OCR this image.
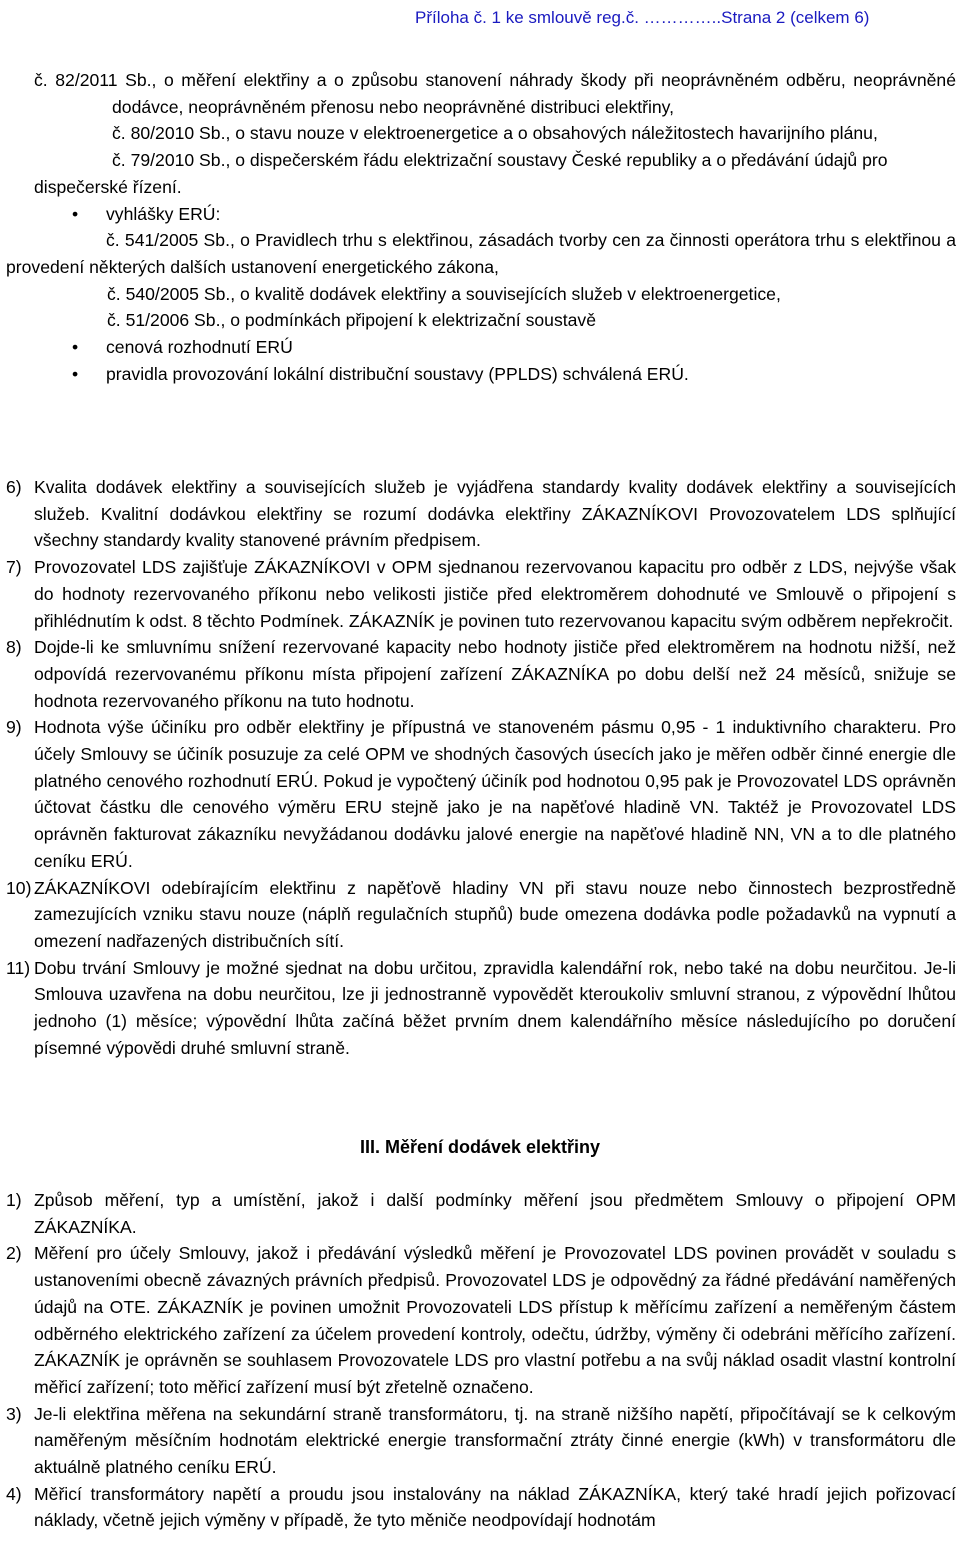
Příloha č. 1 ke smlouvě reg.č. …………..Strana 2 (celkem 6)

č. 82/2011 Sb., o měření elektřiny a o způsobu stanovení náhrady škody při neoprávněném odběru, neoprávněné dodávce, neoprávněném přenosu nebo neoprávněné distribuci elektřiny,

č. 80/2010 Sb., o stavu nouze v elektroenergetice a o obsahových náležitostech havarijního plánu,

č. 79/2010 Sb., o dispečerském řádu elektrizační soustavy České republiky a o předávání údajů pro dispečerské řízení.

• vyhlášky ERÚ:

č. 541/2005 Sb., o Pravidlech trhu s elektřinou, zásadách tvorby cen za činnosti operátora trhu s elektřinou a provedení některých dalších ustanovení energetického zákona,

č. 540/2005 Sb., o kvalitě dodávek elektřiny a souvisejících služeb v elektroenergetice,

č. 51/2006 Sb., o podmínkách připojení k elektrizační soustavě

• cenová rozhodnutí ERÚ
• pravidla provozování lokální distribuční soustavy (PPLDS) schválená ERÚ.
6) Kvalita dodávek elektřiny a souvisejících služeb je vyjádřena standardy kvality dodávek elektřiny a souvisejících služeb. Kvalitní dodávkou elektřiny se rozumí dodávka elektřiny ZÁKAZNÍKOVI Provozovatelem LDS splňující všechny standardy kvality stanovené právním předpisem.
7) Provozovatel LDS zajišťuje ZÁKAZNÍKOVI v OPM sjednanou rezervovanou kapacitu pro odběr z LDS, nejvýše však do hodnoty rezervovaného příkonu nebo velikosti jističe před elektroměrem dohodnuté ve Smlouvě o připojení s přihlédnutím k odst. 8 těchto Podmínek. ZÁKAZNÍK je povinen tuto rezervovanou kapacitu svým odběrem nepřekročit.
8) Dojde-li ke smluvnímu snížení rezervované kapacity nebo hodnoty jističe před elektroměrem na hodnotu nižší, než odpovídá rezervovanému příkonu místa připojení zařízení ZÁKAZNÍKA po dobu delší než 24 měsíců, snižuje se hodnota rezervovaného příkonu na tuto hodnotu.
9) Hodnota výše účiníku pro odběr elektřiny je přípustná ve stanoveném pásmu 0,95 - 1 induktivního charakteru. Pro účely Smlouvy se účiník posuzuje za celé OPM ve shodných časových úsecích jako je měřen odběr činné energie dle platného cenového rozhodnutí ERÚ. Pokud je vypočtený účiník pod hodnotou 0,95 pak je Provozovatel LDS oprávněn účtovat částku dle cenového výměru ERU stejně jako je na napěťové hladině VN. Taktéž je Provozovatel LDS oprávněn fakturovat zákazníku nevyžádanou dodávku jalové energie na napěťové hladině NN, VN a to dle platného ceníku ERÚ.
10) ZÁKAZNÍKOVI odebírajícím elektřinu z napěťově hladiny VN při stavu nouze nebo činnostech bezprostředně zamezujících vzniku stavu nouze (náplň regulačních stupňů) bude omezena dodávka podle požadavků na vypnutí a omezení nadřazených distribučních sítí.
11) Dobu trvání Smlouvy je možné sjednat na dobu určitou, zpravidla kalendářní rok, nebo také na dobu neurčitou. Je-li Smlouva uzavřena na dobu neurčitou, lze ji jednostranně vypovědět kteroukoliv smluvní stranou, z výpovědní lhůtou jednoho (1) měsíce; výpovědní lhůta začíná běžet prvním dnem kalendářního měsíce následujícího po doručení písemné výpovědi druhé smluvní straně.
III. Měření dodávek elektřiny
1) Způsob měření, typ a umístění, jakož i další podmínky měření jsou předmětem Smlouvy o připojení OPM ZÁKAZNÍKA.
2) Měření pro účely Smlouvy, jakož i předávání výsledků měření je Provozovatel LDS povinen provádět v souladu s ustanoveními obecně závazných právních předpisů. Provozovatel LDS je odpovědný za řádné předávání naměřených údajů na OTE. ZÁKAZNÍK je povinen umožnit Provozovateli LDS přístup k měřícímu zařízení a neměřeným částem odběrného elektrického zařízení za účelem provedení kontroly, odečtu, údržby, výměny či odebráni měřícího zařízení. ZÁKAZNÍK je oprávněn se souhlasem Provozovatele LDS pro vlastní potřebu a na svůj náklad osadit vlastní kontrolní měřicí zařízení; toto měřicí zařízení musí být zřetelně označeno.
3) Je-li elektřina měřena na sekundární straně transformátoru, tj. na straně nižšího napětí, připočítávají se k celkovým naměřeným měsíčním hodnotám elektrické energie transformační ztráty činné energie (kWh) v transformátoru dle aktuálně platného ceníku ERÚ.
4) Měřicí transformátory napětí a proudu jsou instalovány na náklad ZÁKAZNÍKA, který také hradí jejich pořizovací náklady, včetně jejich výměny v případě, že tyto měniče neodpovídají hodnotám
